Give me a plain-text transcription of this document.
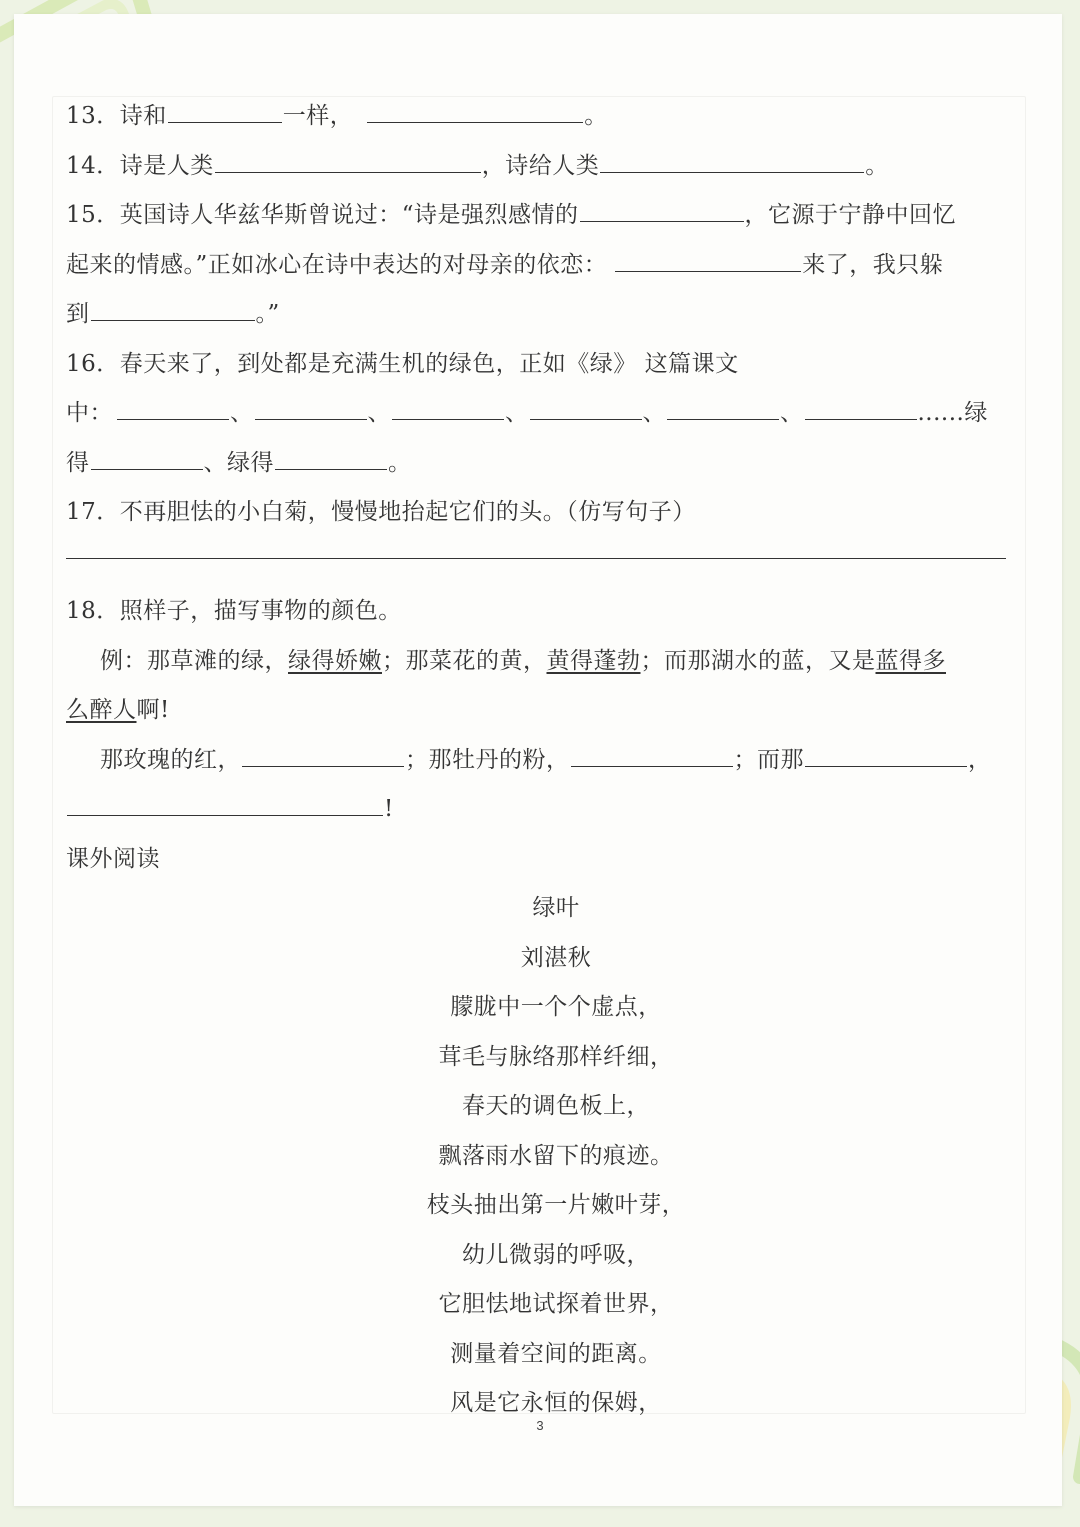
13．诗和	一样，	。
14．诗是人类	，诗给人类	。
15．英国诗人华兹华斯曾说过：“诗是强烈感情的	，它源于宁静中回忆
起来的情感。”正如冰心在诗中表达的对母亲的依恋：	来了，我只躲
到	。”
16．春天来了，到处都是充满生机的绿色，正如《绿》 这篇课文
中：	、	、	、	、	、	......绿
得	、绿得	。
17．不再胆怯的小白菊，慢慢地抬起它们的头。（仿写句子）
18．照样子，描写事物的颜色。
例：那草滩的绿，绿得娇嫩；那菜花的黄，黄得蓬勃；而那湖水的蓝，又是蓝得多
么醉人啊!
那玫瑰的红，	；那牡丹的粉，	；而那	，
!
课外阅读
绿叶
刘湛秋
朦胧中一个个虚点，
茸毛与脉络那样纤细，
春天的调色板上，
飘落雨水留下的痕迹。
枝头抽出第一片嫩叶芽，
幼儿微弱的呼吸，
它胆怯地试探着世界，
测量着空间的距离。
风是它永恒的保姆，
3
